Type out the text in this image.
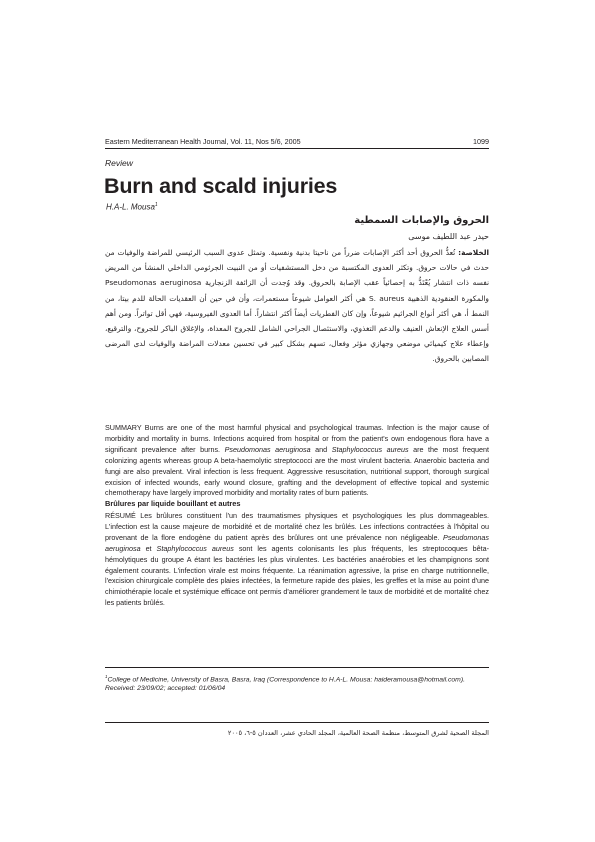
Eastern Mediterranean Health Journal, Vol. 11, Nos 5/6, 2005	1099
Review
Burn and scald injuries
H.A-L. Mousa$^1$
الحروق والإصابات السمطية
حيدر عبد اللطيف موسى
الخلاصة: تُعدُّ الحروق أحد أكثر الإصابات ضرراً من ناحيتا بدنية ونفسية. وتمثل عدوى السبب الرئيسي للمراضة والوفيات من حدث في حالات حروق. وتكثر العدوى المكتسبة من دخل المستشفيات أو من النبيت الجرثومي الداخلي المنشأ من المريض نفسه ذات انتشار يُعْتَدُّ به إحصائياً عقب الإصابة بالحروق. وقد وُجدت أن الزائفة الزنجارية Pseudomonas aeruginosa والمكورة العنقودية الذهبية S. aureus هي أكثر العوامل شيوعاً مستعمرات، وأن في حين أن العقديات الحالة للدم بيتا، من النمط أ، هي أكثر أنواع الجراثيم شيوعاً، وإن كان الفطريات أيضاً أكثر انتشاراً. أما العدوى الفيروسية، فهي أقل تواتراً. ومن أهم أسس العلاج الإنعاش العنيف والدعم التغذوي، والاستئصال الجراحي الشامل للجروح المعداة، والإغلاق الباكر للجروح، والترقيع، وإعطاء علاج كيميائي موضعي وجهازي مؤثر وفعال، تسهم بشكل كبير في تحسين معدلات المراضة والوفيات لدى المرضى المصابين بالحروق.
SUMMARY Burns are one of the most harmful physical and psychological traumas. Infection is the major cause of morbidity and mortality in burns. Infections acquired from hospital or from the patient's own endogenous flora have a significant prevalence after burns. Pseudomonas aeruginosa and Staphylococcus aureus are the most frequent colonizing agents whereas group A beta-haemolytic streptococci are the most virulent bacteria. Anaerobic bacteria and fungi are also prevalent. Viral infection is less frequent. Aggressive resuscitation, nutritional support, thorough surgical excision of infected wounds, early wound closure, grafting and the development of effective topical and systemic chemotherapy have largely improved morbidity and mortality rates of burn patients.
Brûlures par liquide bouillant et autres
RÉSUMÉ Les brûlures constituent l'un des traumatismes physiques et psychologiques les plus dommageables. L'infection est la cause majeure de morbidité et de mortalité chez les brûlés. Les infections contractées à l'hôpital ou provenant de la flore endogène du patient après des brûlures ont une prévalence non négligeable. Pseudomonas aeruginosa et Staphylococcus aureus sont les agents colonisants les plus fréquents, les streptocoques bêta-hémolytiques du groupe A étant les bactéries les plus virulentes. Les bactéries anaérobies et les champignons sont également courants. L'infection virale est moins fréquente. La réanimation agressive, la prise en charge nutritionnelle, l'excision chirurgicale complète des plaies infectées, la fermeture rapide des plaies, les greffes et la mise au point d'une chimiothérapie locale et systémique efficace ont permis d'améliorer grandement le taux de morbidité et de mortalité chez les patients brûlés.
$^1$College of Medicine, University of Basra, Basra, Iraq (Correspondence to H.A-L. Mousa: haideramousa@hotmail.com).
Received: 23/09/02; accepted: 01/06/04
المجلة الصحية لشرق المتوسط، منظمة الصحة العالمية، المجلد الحادي عشر، العددان ٥-٦، ٢٠٠٥
